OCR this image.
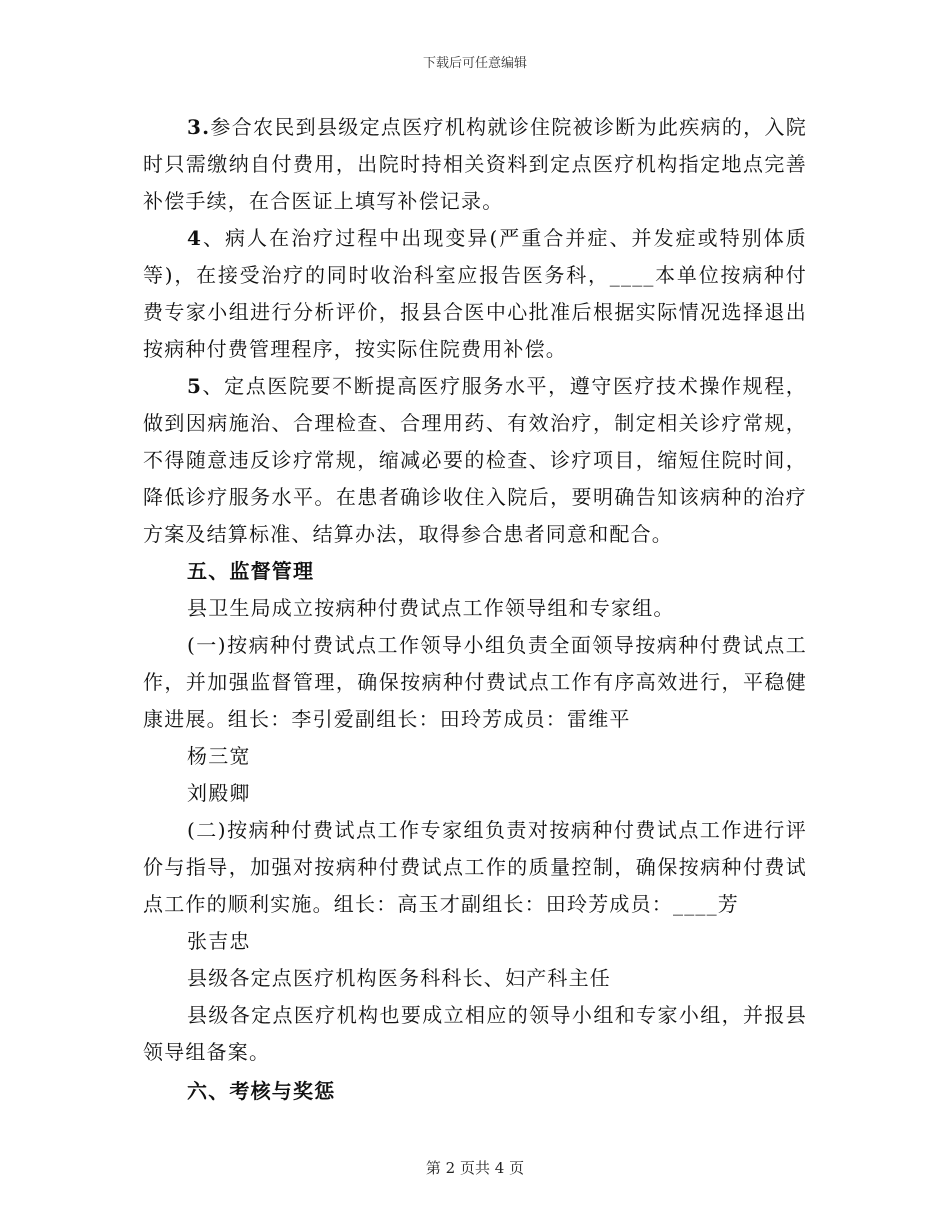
下载后可任意编辑

3.参合农民到县级定点医疗机构就诊住院被诊断为此疾病的，入院时只需缴纳自付费用，出院时持相关资料到定点医疗机构指定地点完善补偿手续，在合医证上填写补偿记录。

4、病人在治疗过程中出现变异(严重合并症、并发症或特别体质等)，在接受治疗的同时收治科室应报告医务科，____本单位按病种付费专家小组进行分析评价，报县合医中心批准后根据实际情况选择退出按病种付费管理程序，按实际住院费用补偿。

5、定点医院要不断提高医疗服务水平，遵守医疗技术操作规程，做到因病施治、合理检查、合理用药、有效治疗，制定相关诊疗常规，不得随意违反诊疗常规，缩减必要的检查、诊疗项目，缩短住院时间，降低诊疗服务水平。在患者确诊收住入院后，要明确告知该病种的治疗方案及结算标准、结算办法，取得参合患者同意和配合。

五、监督管理

县卫生局成立按病种付费试点工作领导组和专家组。

(一)按病种付费试点工作领导小组负责全面领导按病种付费试点工作，并加强监督管理，确保按病种付费试点工作有序高效进行，平稳健康进展。组长：李引爱副组长：田玲芳成员：雷维平

杨三宽
刘殿卿

(二)按病种付费试点工作专家组负责对按病种付费试点工作进行评价与指导，加强对按病种付费试点工作的质量控制，确保按病种付费试点工作的顺利实施。组长：高玉才副组长：田玲芳成员：____芳

张吉忠
县级各定点医疗机构医务科科长、妇产科主任

县级各定点医疗机构也要成立相应的领导小组和专家小组，并报县领导组备案。

六、考核与奖惩
第 2 页共 4 页
